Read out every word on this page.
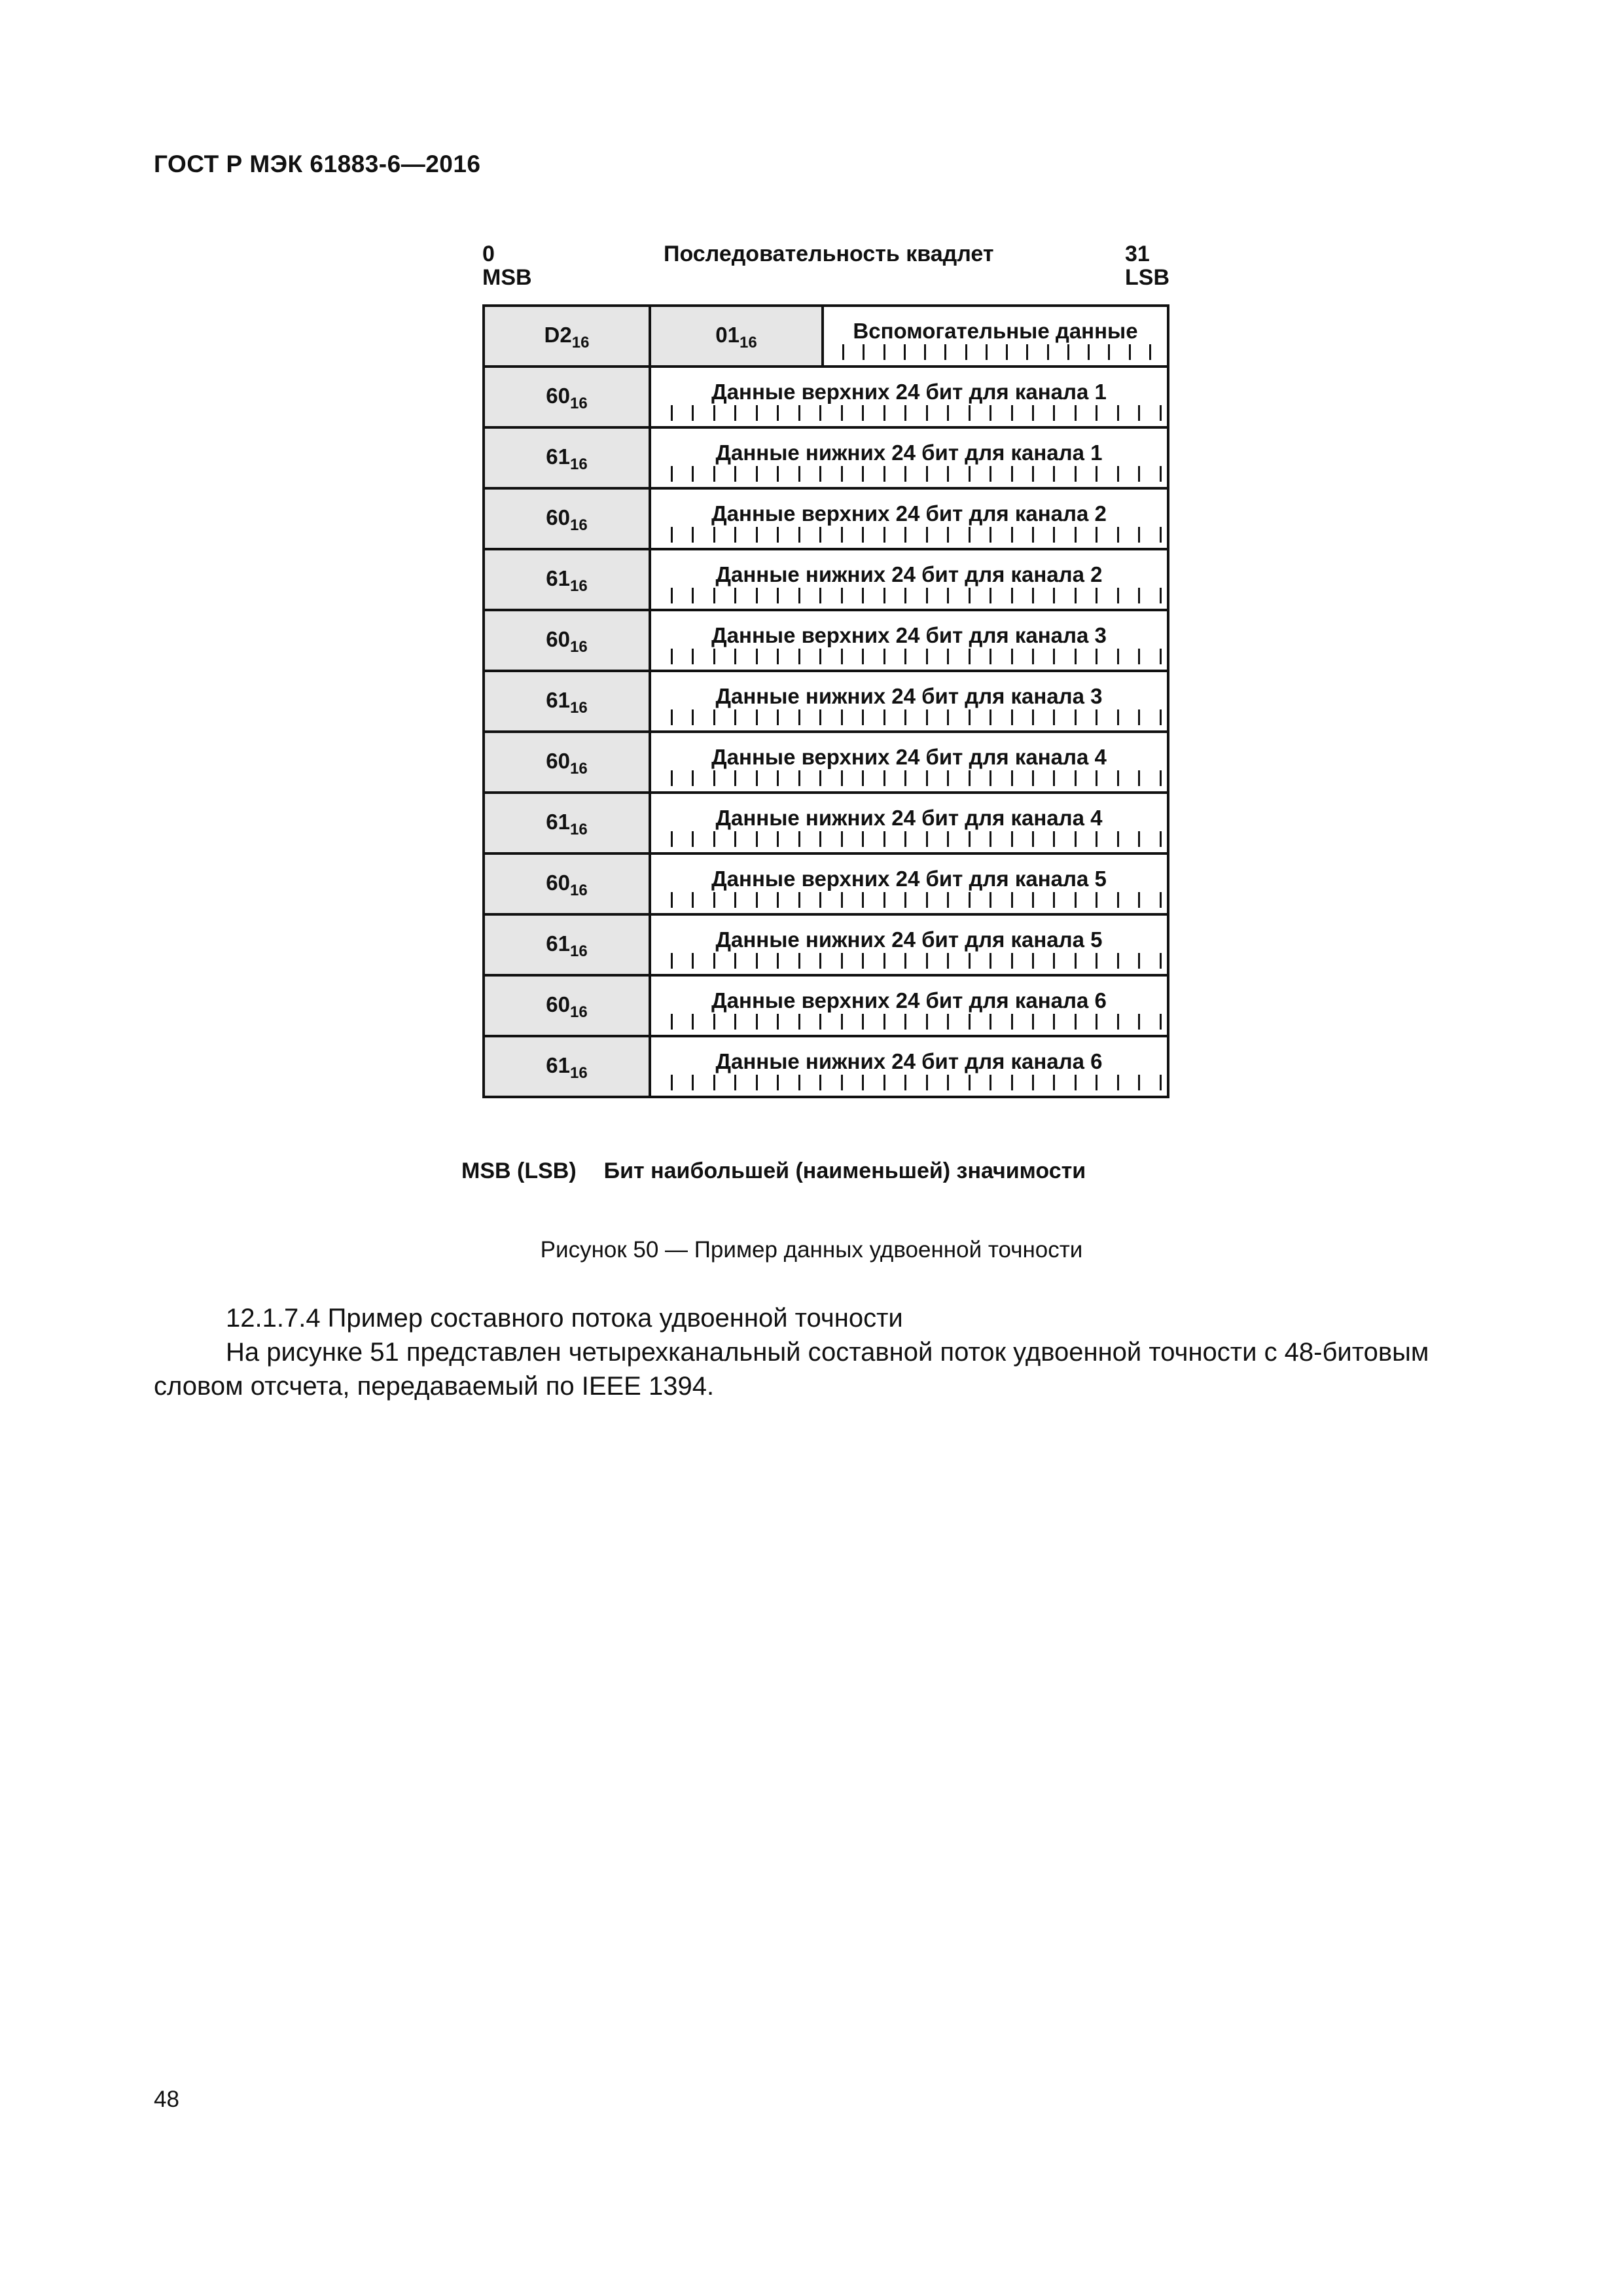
ГОСТ Р МЭК 61883-6—2016
0
MSB
Последовательность квадлет	31
LSB
$D2_{16}$	$01_{16}$	Вспомогательные данные

$60_{16}$	Данные верхних 24 бит для канала 1	

$61_{16}$	Данные нижних 24 бит для канала 1	

$60_{16}$	Данные верхних 24 бит для канала 2	

$61_{16}$	Данные нижних 24 бит для канала 2	

$60_{16}$	Данные верхних 24 бит для канала 3	

$61_{16}$	Данные нижних 24 бит для канала 3	

$60_{16}$	Данные верхних 24 бит для канала 4	

$61_{16}$	Данные нижних 24 бит для канала 4	

$60_{16}$	Данные верхних 24 бит для канала 5	

$61_{16}$	Данные нижних 24 бит для канала 5	

$60_{16}$	Данные верхних 24 бит для канала 6	

$61_{16}$	Данные нижних 24 бит для канала 6	
MSB (LSB) Бит наибольшей (наименьшей) значимости
Рисунок 50 — Пример данных удвоенной точности
12.1.7.4 Пример составного потока удвоенной точности
На рисунке 51 представлен четырехканальный составной поток удвоенной точности с 48-битовым словом отсчета, передаваемый по IEEE 1394.
48
